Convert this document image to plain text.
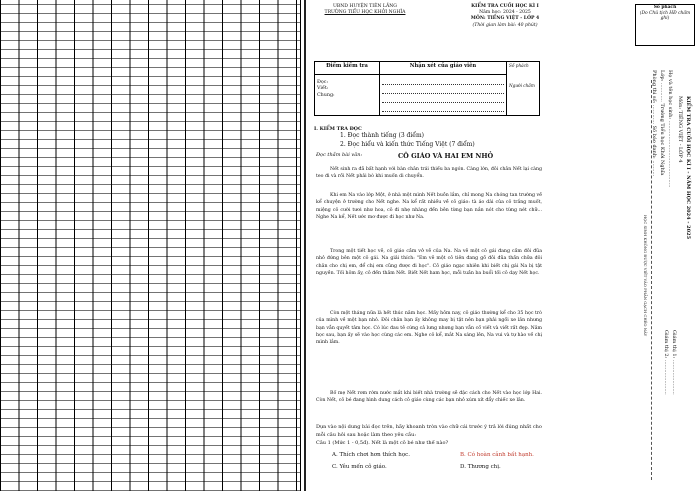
UBND HUYỆN TIÊN LÃNG
TRƯỜNG TIỂU HỌC KHỞI NGHĨA
KIỂM TRA CUỐI HỌC KÌ I
Năm học: 2024 - 2025
MÔN: TIẾNG VIỆT - LỚP 4
(Thời gian làm bài: 40 phút)
Điểm kiểm tra	Nhận xét của giáo viên	Số phách
Người chấm

Đọc:
Viết:
Chung:		

I. KIỂM TRA ĐỌC
1. Đọc thành tiếng (3 điểm)
2. Đọc hiểu và kiến thức Tiếng Việt (7 điểm)
Đọc thầm bài văn:	CÔ GIÁO VÀ HAI EM NHỎ
Nết sinh ra đã bất hạnh với bàn chân trái thiếu ba ngón. Càng lớn, đôi chân Nết lại càng teo đi và rồi Nết phải bò khi muốn di chuyển.
Khi em Na vào lớp Một, ở nhà một mình Nết buồn lắm, chỉ mong Na chóng tan trường về kể chuyện ở trường cho Nết nghe. Na kể rất nhiều về cô giáo: tà áo dài của cô trắng muốt, miệng cô cười tươi như hoa, cô đi nhẹ nhàng đến bên từng bạn nắn nót cho từng nét chữ... Nghe Na kể, Nết ước mơ được đi học như Na.
Trong một tiết học vẽ, cô giáo cầm vở vẽ của Na. Na vẽ một cô gái đang cầm đôi đũa nhỏ đứng bên một cô gái. Na giải thích: "Em vẽ một cô tiên đang gõ đôi đũa thần chữa đôi chân cho chị em, để chị em cũng được đi học". Cô giáo ngạc nhiên khi biết chị gái Na bị tật nguyền. Tối hôm ấy, cô đến thăm Nết. Biết Nết ham học, mỗi tuần ba buổi tối cô dạy Nết học.
Còn một tháng nữa là hết thúc năm học. Mấy hôm nay, cô giáo thường kể cho 35 học trò của mình về một bạn nhỏ. Đôi chân bạn ấy không may bị tật nên bạn phải ngồi xe lăn nhưng bạn vẫn quyết tâm học. Có lúc đau tê cứng cả lưng nhưng bạn vẫn cố viết và viết rất đẹp. Năm học sau, bạn ấy sẽ vào học cùng các em. Nghe cô kể, mắt Na sáng lên, Na vui và tự hào về chị mình lắm.
Bố mẹ Nết rơm rớm nước mắt khi biết nhà trường sẽ đặc cách cho Nết vào học lớp Hai. Còn Nết, cô bé đang hình dung cách cô giáo cùng các bạn nhỏ xúm xít đẩy chiếc xe lăn.
Dựa vào nội dung bài đọc trên, hãy khoanh tròn vào chữ cái trước ý trả lời đúng nhất cho mỗi câu hỏi sau hoặc làm theo yêu cầu:
Câu 1 (Mức 1 - 0,5đ). Nết là một cô bé như thế nào?
A. Thích chơi hơn thích học.	B. Có hoàn cảnh bất hạnh.
C. Yêu mến cô giáo.	D. Thương chị.
Số phách
(Do Chủ tịch HĐ chấm ghi)
KIỂM TRA CUỐI HỌC KÌ I - NĂM HỌC 2024 - 2025
Môn: TIẾNG VIỆT - LỚP 4
Họ và tên học sinh: ..........................................
Lớp: ............ Trường Tiểu học Khởi Nghĩa
Phòng thi số: ............ Số báo danh: ..........
HỌC SINH KHÔNG ĐƯỢC VIẾT VÀO PHẦN GẠCH CHÉO NÀY
Giám thị 1: ......................
Giám thị 2: ......................
